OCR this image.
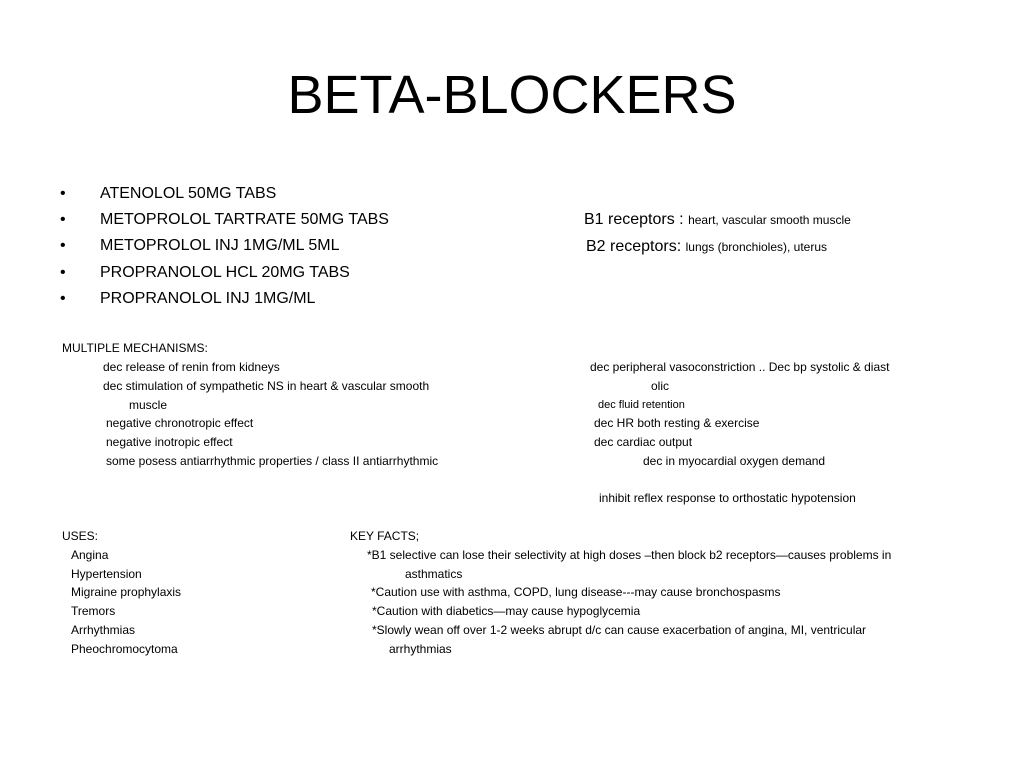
BETA-BLOCKERS
• ATENOLOL 50MG TABS
• METOPROLOL TARTRATE 50MG TABS
• METOPROLOL INJ 1MG/ML 5ML
• PROPRANOLOL HCL 20MG TABS
• PROPRANOLOL INJ 1MG/ML
B1 receptors : heart, vascular smooth muscle
B2 receptors: lungs (bronchioles), uterus
MULTIPLE MECHANISMS:
dec release of renin from kidneys
dec stimulation of sympathetic NS in heart & vascular smooth
muscle
negative chronotropic effect
negative inotropic effect
some posess antiarrhythmic properties / class II antiarrhythmic
dec peripheral vasoconstriction .. Dec bp systolic & diast
olic
dec fluid retention
dec HR both resting & exercise
dec cardiac output
dec in myocardial oxygen demand
inhibit reflex response to orthostatic hypotension
USES:
Angina
Hypertension
Migraine prophylaxis
Tremors
Arrhythmias
Pheochromocytoma
KEY FACTS;
*B1 selective can lose their selectivity at high doses –then block b2 receptors—causes problems in
asthmatics
*Caution use with asthma, COPD, lung disease---may cause bronchospasms
*Caution with diabetics—may cause hypoglycemia
*Slowly wean off over 1-2 weeks abrupt d/c can cause exacerbation of angina, MI, ventricular
arrhythmias
